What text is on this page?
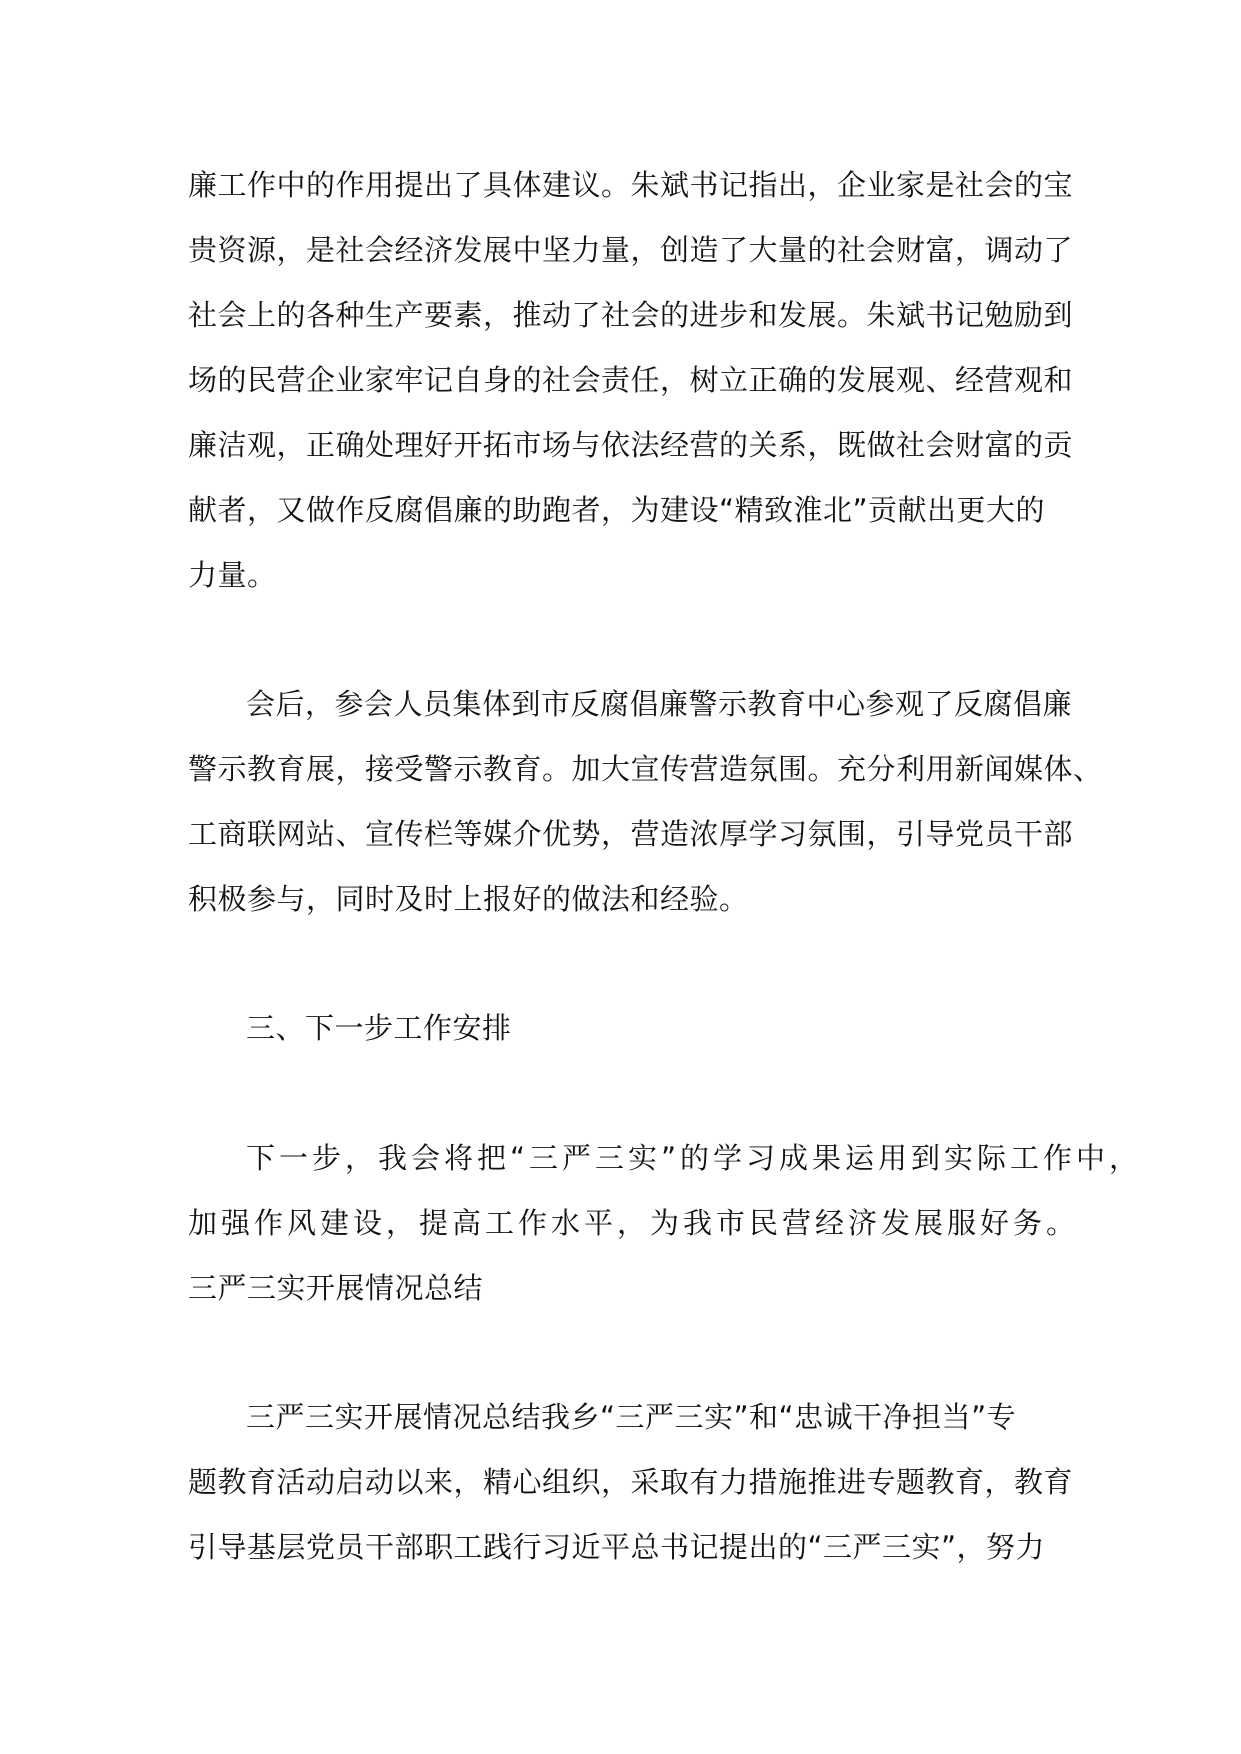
廉工作中的作用提出了具体建议。朱斌书记指出，企业家是社会的宝
贵资源，是社会经济发展中坚力量，创造了大量的社会财富，调动了
社会上的各种生产要素，推动了社会的进步和发展。朱斌书记勉励到
场的民营企业家牢记自身的社会责任，树立正确的发展观、经营观和
廉洁观，正确处理好开拓市场与依法经营的关系，既做社会财富的贡
献者，又做作反腐倡廉的助跑者，为建设“精致淮北”贡献出更大的
力量。
会后，参会人员集体到市反腐倡廉警示教育中心参观了反腐倡廉
警示教育展，接受警示教育。加大宣传营造氛围。充分利用新闻媒体、
工商联网站、宣传栏等媒介优势，营造浓厚学习氛围，引导党员干部
积极参与，同时及时上报好的做法和经验。
三、下一步工作安排
下一步，我会将把“三严三实”的学习成果运用到实际工作中，
加强作风建设，提高工作水平，为我市民营经济发展服好务。
三严三实开展情况总结
三严三实开展情况总结我乡“三严三实”和“忠诚干净担当”专
题教育活动启动以来，精心组织，采取有力措施推进专题教育，教育
引导基层党员干部职工践行习近平总书记提出的“三严三实”，努力
